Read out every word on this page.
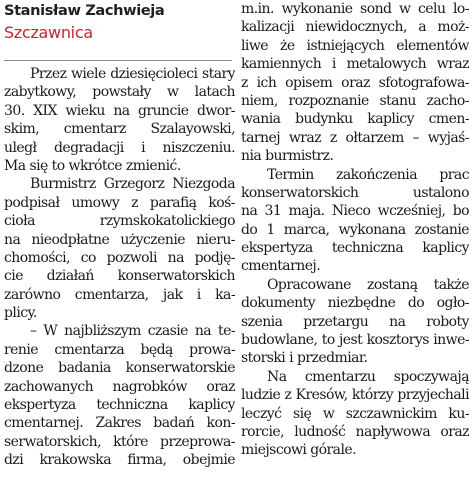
Stanisław Zachwieja
Szczawnica
Przez wiele dziesięcioleci stary
zabytkowy, powstały w latach
30. XIX wieku na gruncie dwor-
skim, cmentarz Szalayowski,
uległ degradacji i niszczeniu.
Ma się to wkrótce zmienić.
Burmistrz Grzegorz Niezgoda
podpisał umowy z parafią koś-
cioła rzymskokatolickiego
na nieodpłatne użyczenie nieru-
chomości, co pozwoli na podję-
cie działań konserwatorskich
zarówno cmentarza, jak i ka-
plicy.
– W najbliższym czasie na te-
renie cmentarza będą prowa-
dzone badania konserwatorskie
zachowanych nagrobków oraz
ekspertyza techniczna kaplicy
cmentarnej. Zakres badań kon-
serwatorskich, które przeprowa-
dzi krakowska firma, obejmie
m.in. wykonanie sond w celu lo-
kalizacji niewidocznych, a moż-
liwe że istniejących elementów
kamiennych i metalowych wraz
z ich opisem oraz sfotografowa-
niem, rozpoznanie stanu zacho-
wania budynku kaplicy cmen-
tarnej wraz z ołtarzem – wyjaś-
nia burmistrz.
Termin zakończenia prac
konserwatorskich ustalono
na 31 maja. Nieco wcześniej, bo
do 1 marca, wykonana zostanie
ekspertyza techniczna kaplicy
cmentarnej.
Opracowane zostaną także
dokumenty niezbędne do ogło-
szenia przetargu na roboty
budowlane, to jest kosztorys inwe-
storski i przedmiar.
Na cmentarzu spoczywają
ludzie z Kresów, którzy przyjechali
leczyć się w szczawnickim ku-
rorcie, ludność napływowa oraz
miejscowi górale.
